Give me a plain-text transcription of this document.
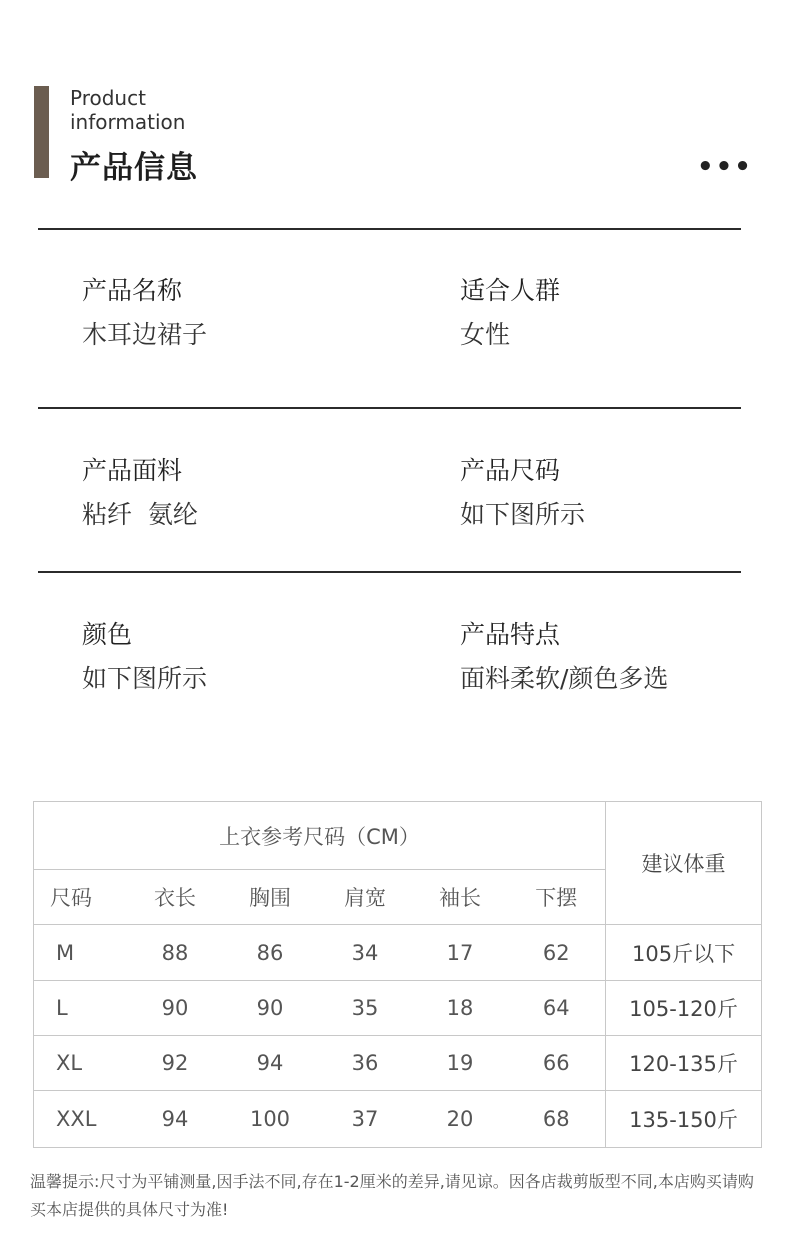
Product
information
产品信息	•••
产品名称
木耳边裙子
适合人群
女性
产品面料
粘纤  氨纶
产品尺码
如下图所示
颜色
如下图所示
产品特点
面料柔软/颜色多选
上衣参考尺码（CM）						建议体重
尺码	衣长	胸围	肩宽	袖长	下摆	
M	88	86	34	17	62	105斤以下
L	90	90	35	18	64	105-120斤
XL	92	94	36	19	66	120-135斤
XXL	94	100	37	20	68	135-150斤
温馨提示:尺寸为平铺测量,因手法不同,存在1-2厘米的差异,请见谅。因各店裁剪版型不同,本店购买请购买本店提供的具体尺寸为准!
